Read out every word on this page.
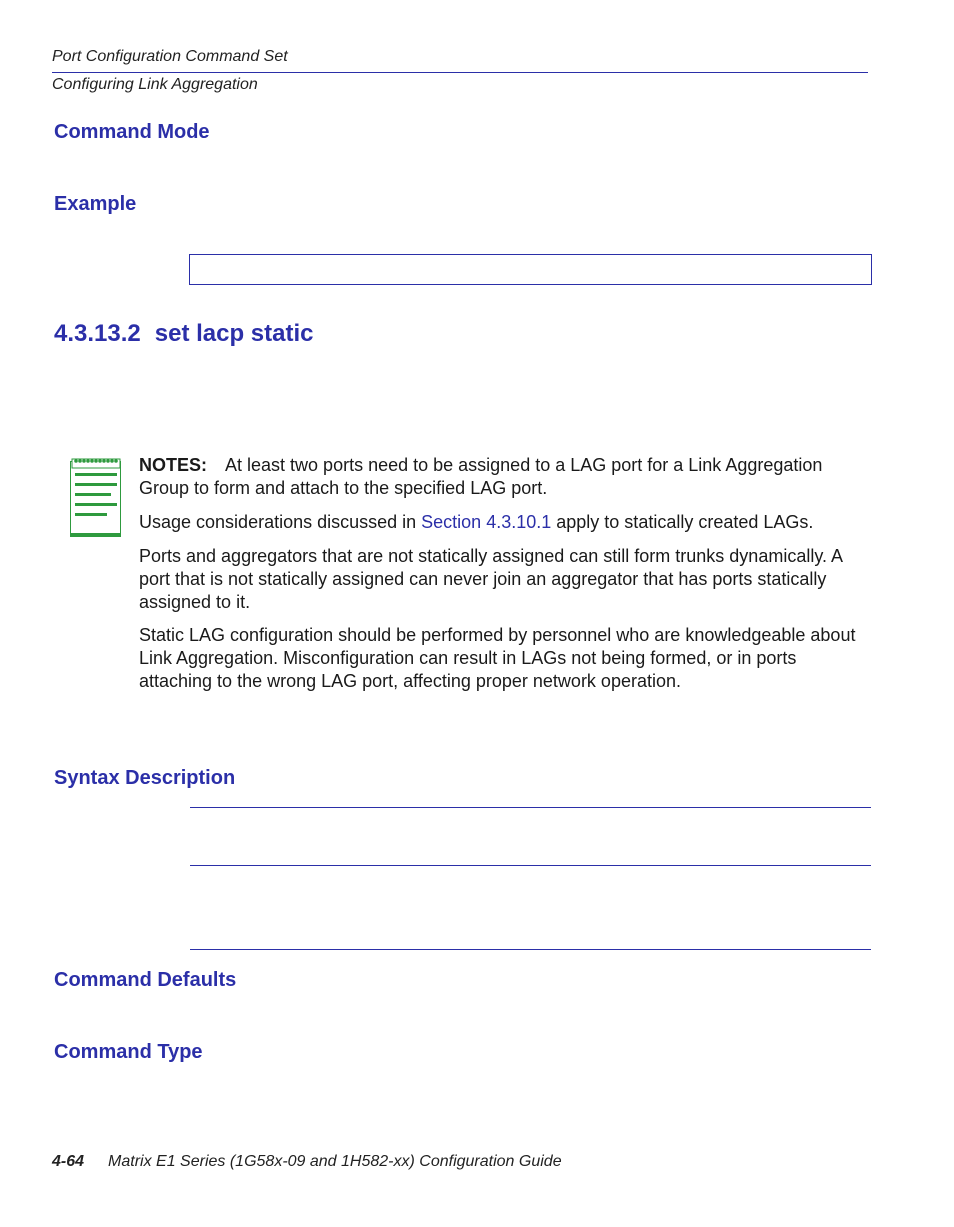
Port Configuration Command Set
Configuring Link Aggregation
Command Mode
Example
4.3.13.2 set lacp static
NOTES: At least two ports need to be assigned to a LAG port for a Link Aggregation Group to form and attach to the specified LAG port.
Usage considerations discussed in Section 4.3.10.1 apply to statically created LAGs.
Ports and aggregators that are not statically assigned can still form trunks dynamically. A port that is not statically assigned can never join an aggregator that has ports statically assigned to it.
Static LAG configuration should be performed by personnel who are knowledgeable about Link Aggregation. Misconfiguration can result in LAGs not being formed, or in ports attaching to the wrong LAG port, affecting proper network operation.
Syntax Description
Command Defaults
Command Type
4-64 Matrix E1 Series (1G58x-09 and 1H582-xx) Configuration Guide
